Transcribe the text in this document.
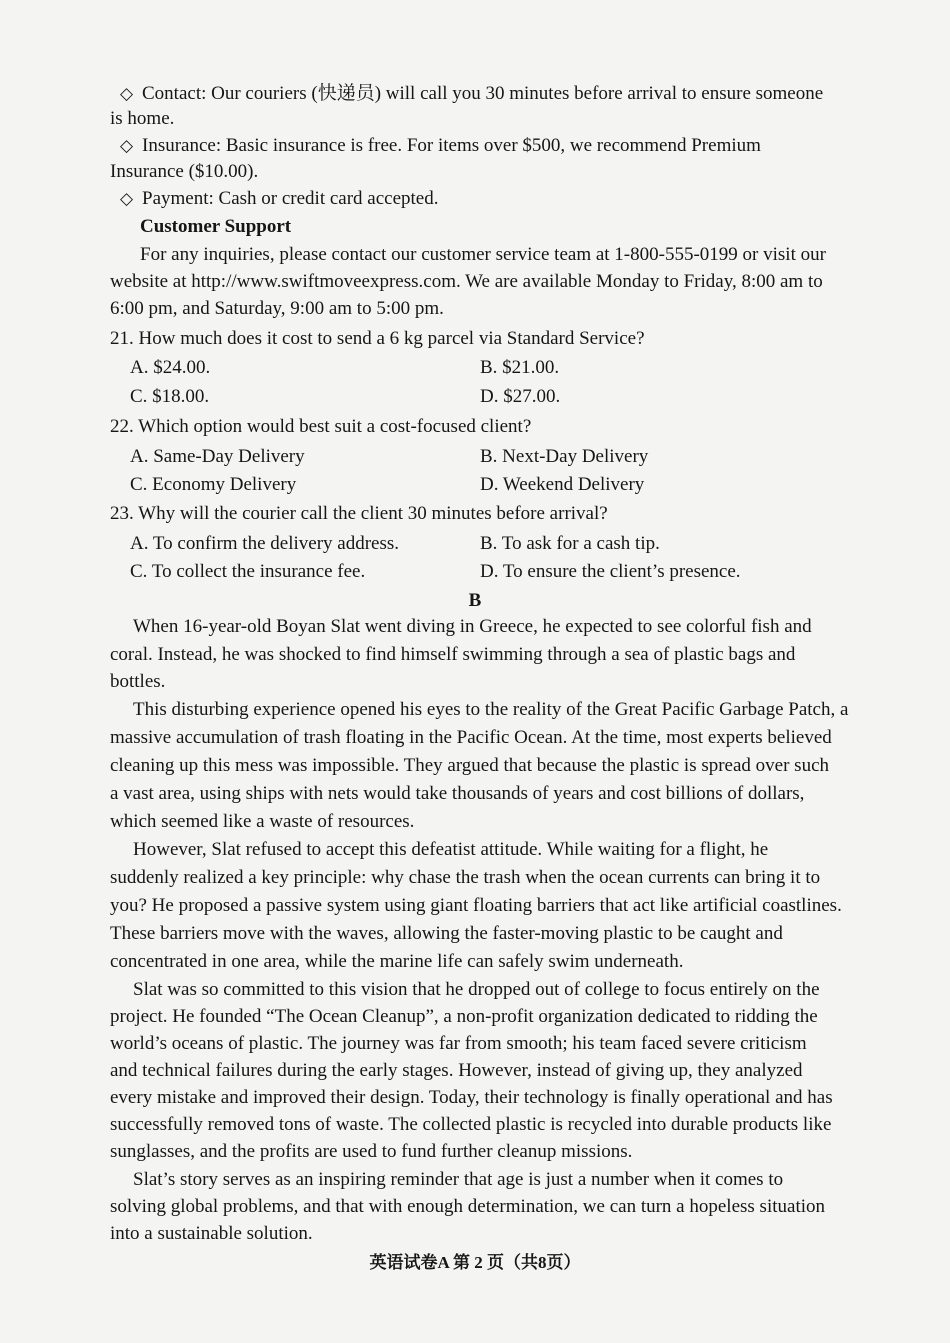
◇ Contact: Our couriers (快递员) will call you 30 minutes before arrival to ensure someone
is home.
◇ Insurance: Basic insurance is free. For items over $500, we recommend Premium
Insurance ($10.00).
◇ Payment: Cash or credit card accepted.
Customer Support
For any inquiries, please contact our customer service team at 1-800-555-0199 or visit our
website at http://www.swiftmoveexpress.com. We are available Monday to Friday, 8:00 am to
6:00 pm, and Saturday, 9:00 am to 5:00 pm.
21. How much does it cost to send a 6 kg parcel via Standard Service?
A. $24.00.	B. $21.00.
C. $18.00.	D. $27.00.
22. Which option would best suit a cost-focused client?
A. Same-Day Delivery	B. Next-Day Delivery
C. Economy Delivery	D. Weekend Delivery
23. Why will the courier call the client 30 minutes before arrival?
A. To confirm the delivery address.	B. To ask for a cash tip.
C. To collect the insurance fee.	D. To ensure the client’s presence.
B
When 16-year-old Boyan Slat went diving in Greece, he expected to see colorful fish and
coral. Instead, he was shocked to find himself swimming through a sea of plastic bags and
bottles.
This disturbing experience opened his eyes to the reality of the Great Pacific Garbage Patch, a
massive accumulation of trash floating in the Pacific Ocean. At the time, most experts believed
cleaning up this mess was impossible. They argued that because the plastic is spread over such
a vast area, using ships with nets would take thousands of years and cost billions of dollars,
which seemed like a waste of resources.
However, Slat refused to accept this defeatist attitude. While waiting for a flight, he
suddenly realized a key principle: why chase the trash when the ocean currents can bring it to
you? He proposed a passive system using giant floating barriers that act like artificial coastlines.
These barriers move with the waves, allowing the faster-moving plastic to be caught and
concentrated in one area, while the marine life can safely swim underneath.
Slat was so committed to this vision that he dropped out of college to focus entirely on the
project. He founded “The Ocean Cleanup”, a non-profit organization dedicated to ridding the
world’s oceans of plastic. The journey was far from smooth; his team faced severe criticism
and technical failures during the early stages. However, instead of giving up, they analyzed
every mistake and improved their design. Today, their technology is finally operational and has
successfully removed tons of waste. The collected plastic is recycled into durable products like
sunglasses, and the profits are used to fund further cleanup missions.
Slat’s story serves as an inspiring reminder that age is just a number when it comes to
solving global problems, and that with enough determination, we can turn a hopeless situation
into a sustainable solution.
英语试卷A 第 2 页（共8页）
